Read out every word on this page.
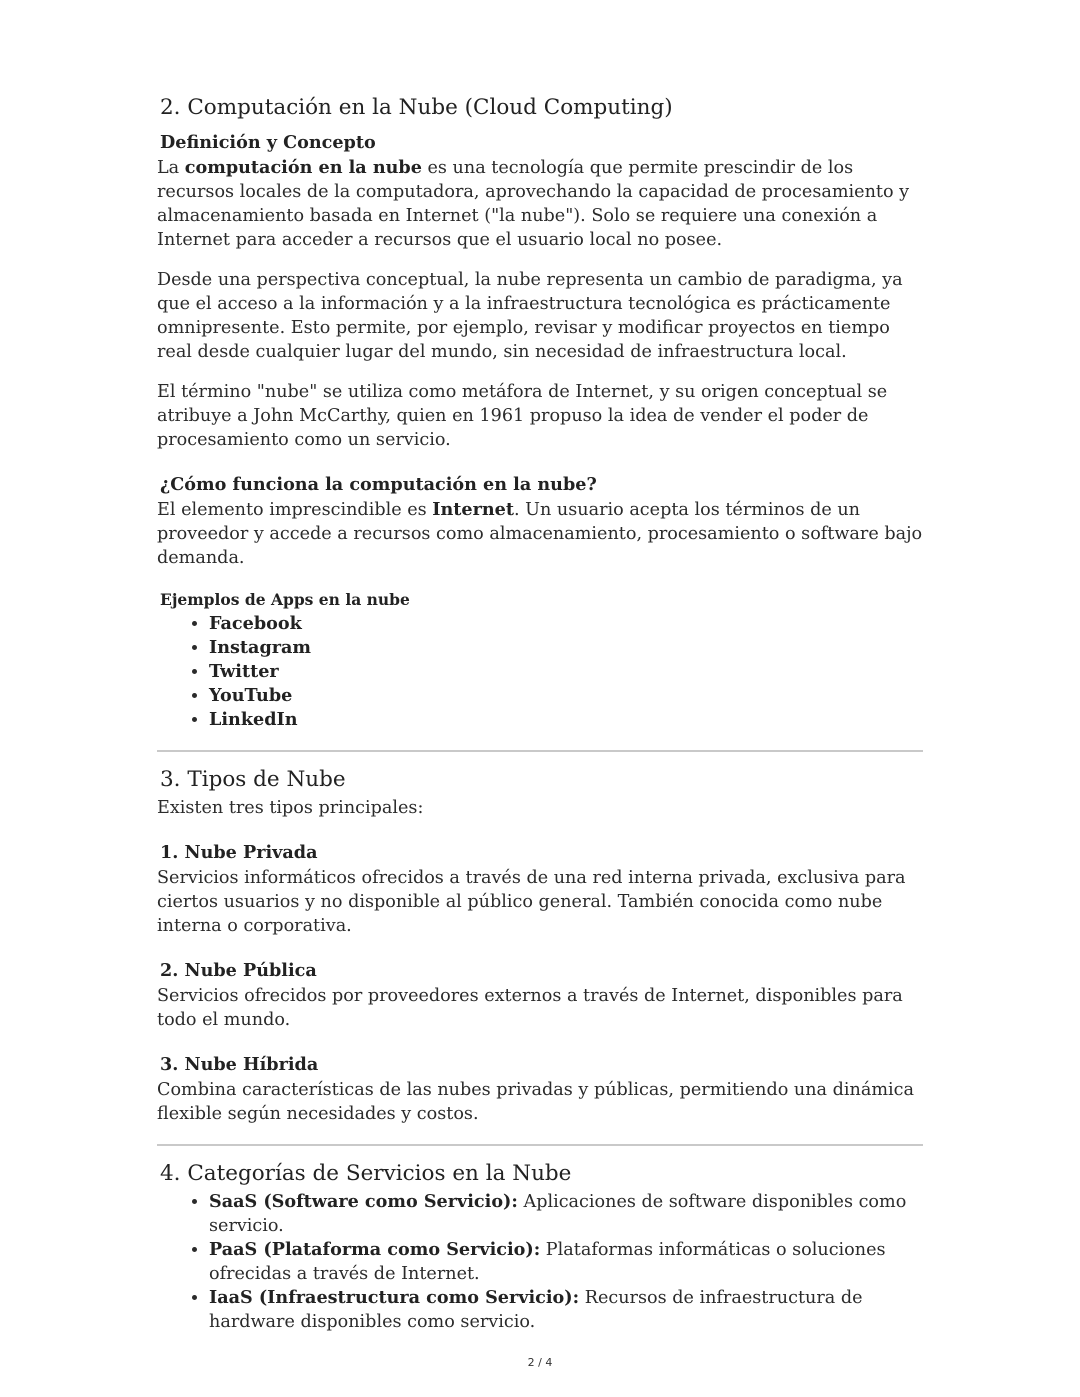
2. Computación en la Nube (Cloud Computing)
Definición y Concepto

La computación en la nube es una tecnología que permite prescindir de los recursos locales de la computadora, aprovechando la capacidad de procesamiento y almacenamiento basada en Internet ("la nube"). Solo se requiere una conexión a Internet para acceder a recursos que el usuario local no posee.

Desde una perspectiva conceptual, la nube representa un cambio de paradigma, ya que el acceso a la información y a la infraestructura tecnológica es prácticamente omnipresente. Esto permite, por ejemplo, revisar y modificar proyectos en tiempo real desde cualquier lugar del mundo, sin necesidad de infraestructura local.

El término "nube" se utiliza como metáfora de Internet, y su origen conceptual se atribuye a John McCarthy, quien en 1961 propuso la idea de vender el poder de procesamiento como un servicio.

¿Cómo funciona la computación en la nube?

El elemento imprescindible es Internet. Un usuario acepta los términos de un proveedor y accede a recursos como almacenamiento, procesamiento o software bajo demanda.

Ejemplos de Apps en la nube
• Facebook
• Instagram
• Twitter
• YouTube
• LinkedIn
3. Tipos de Nube

Existen tres tipos principales:

1. Nube Privada

Servicios informáticos ofrecidos a través de una red interna privada, exclusiva para ciertos usuarios y no disponible al público general. También conocida como nube interna o corporativa.

2. Nube Pública

Servicios ofrecidos por proveedores externos a través de Internet, disponibles para todo el mundo.

3. Nube Híbrida

Combina características de las nubes privadas y públicas, permitiendo una dinámica flexible según necesidades y costos.

4. Categorías de Servicios en la Nube
• SaaS (Software como Servicio): Aplicaciones de software disponibles como servicio.
• PaaS (Plataforma como Servicio): Plataformas informáticas o soluciones ofrecidas a través de Internet.
• IaaS (Infraestructura como Servicio): Recursos de infraestructura de hardware disponibles como servicio.
2 / 4
